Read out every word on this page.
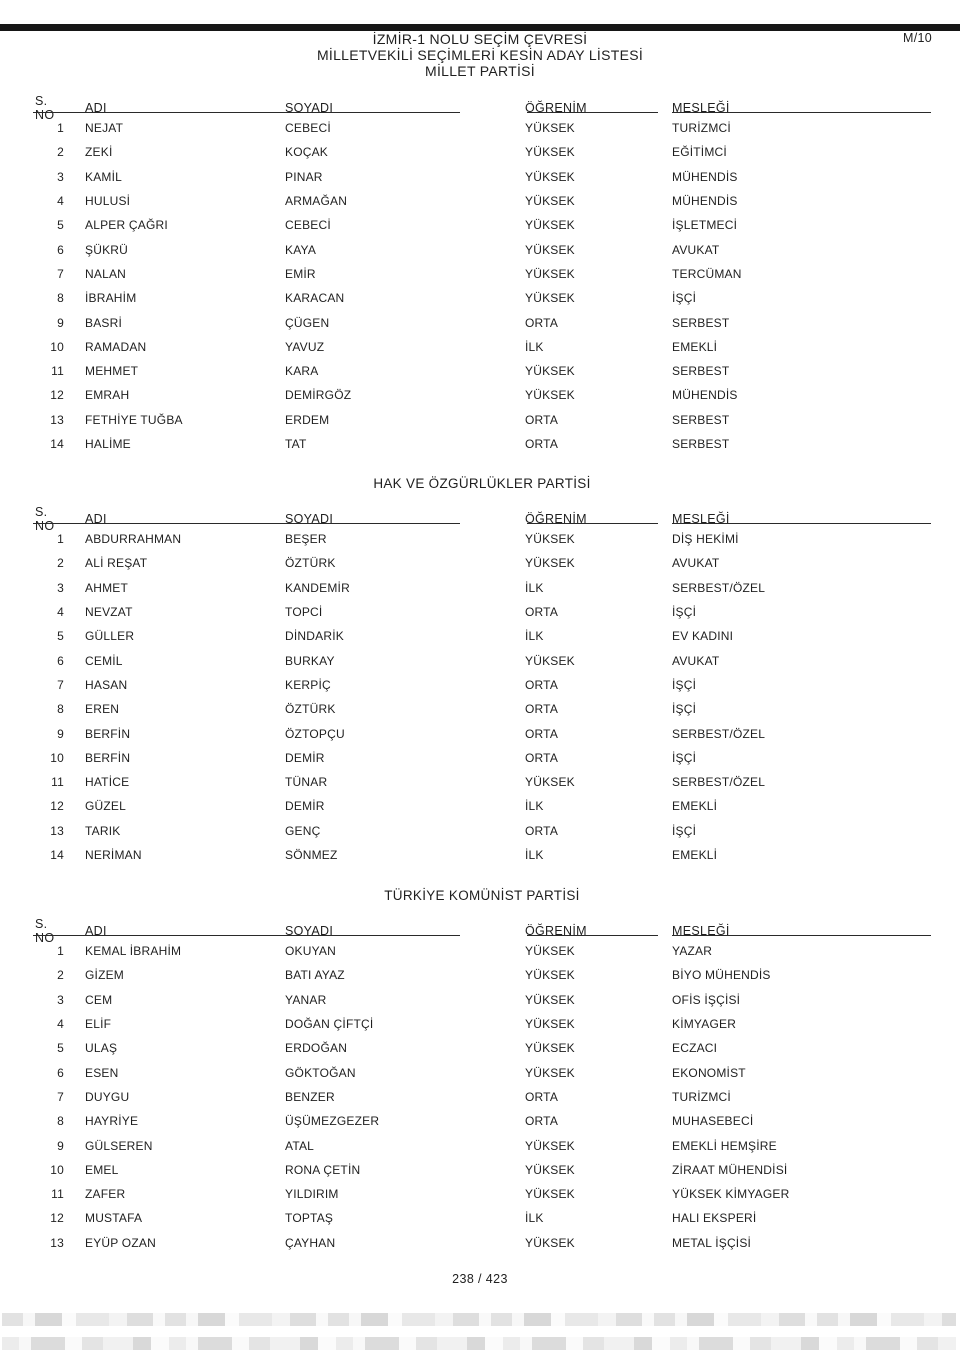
İZMİR-1 NOLU SEÇİM ÇEVRESİ
MİLLETVEKİLİ SEÇİMLERİ KESİN ADAY LİSTESİ
MİLLET PARTİSİ
M/10
S. NO	ADI	SOYADI	ÖĞRENİM	MESLEĞİ
1	NEJAT	CEBECİ	YÜKSEK	TURİZMCİ
2	ZEKİ	KOÇAK	YÜKSEK	EĞİTİMCİ
3	KAMİL	PINAR	YÜKSEK	MÜHENDİS
4	HULUSİ	ARMAĞAN	YÜKSEK	MÜHENDİS
5	ALPER ÇAĞRI	CEBECİ	YÜKSEK	İŞLETMECİ
6	ŞÜKRÜ	KAYA	YÜKSEK	AVUKAT
7	NALAN	EMİR	YÜKSEK	TERCÜMAN
8	İBRAHİM	KARACAN	YÜKSEK	İŞÇİ
9	BASRİ	ÇÜGEN	ORTA	SERBEST
10	RAMADAN	YAVUZ	İLK	EMEKLİ
11	MEHMET	KARA	YÜKSEK	SERBEST
12	EMRAH	DEMİRGÖZ	YÜKSEK	MÜHENDİS
13	FETHİYE TUĞBA	ERDEM	ORTA	SERBEST
14	HALİME	TAT	ORTA	SERBEST
HAK VE ÖZGÜRLÜKLER PARTİSİ
S. NO	ADI	SOYADI	ÖĞRENİM	MESLEĞİ
1	ABDURRAHMAN	BEŞER	YÜKSEK	DİŞ HEKİMİ
2	ALİ REŞAT	ÖZTÜRK	YÜKSEK	AVUKAT
3	AHMET	KANDEMİR	İLK	SERBEST/ÖZEL
4	NEVZAT	TOPCİ	ORTA	İŞÇİ
5	GÜLLER	DİNDARİK	İLK	EV KADINI
6	CEMİL	BURKAY	YÜKSEK	AVUKAT
7	HASAN	KERPİÇ	ORTA	İŞÇİ
8	EREN	ÖZTÜRK	ORTA	İŞÇİ
9	BERFİN	ÖZTOPÇU	ORTA	SERBEST/ÖZEL
10	BERFİN	DEMİR	ORTA	İŞÇİ
11	HATİCE	TÜNAR	YÜKSEK	SERBEST/ÖZEL
12	GÜZEL	DEMİR	İLK	EMEKLİ
13	TARIK	GENÇ	ORTA	İŞÇİ
14	NERİMAN	SÖNMEZ	İLK	EMEKLİ
TÜRKİYE KOMÜNİST PARTİSİ
S. NO	ADI	SOYADI	ÖĞRENİM	MESLEĞİ
1	KEMAL İBRAHİM	OKUYAN	YÜKSEK	YAZAR
2	GİZEM	BATI AYAZ	YÜKSEK	BİYO MÜHENDİS
3	CEM	YANAR	YÜKSEK	OFİS İŞÇİSİ
4	ELİF	DOĞAN ÇİFTÇİ	YÜKSEK	KİMYAGER
5	ULAŞ	ERDOĞAN	YÜKSEK	ECZACI
6	ESEN	GÖKTOĞAN	YÜKSEK	EKONOMİST
7	DUYGU	BENZER	ORTA	TURİZMCİ
8	HAYRİYE	ÜŞÜMEZGEZER	ORTA	MUHASEBECİ
9	GÜLSEREN	ATAL	YÜKSEK	EMEKLİ HEMŞİRE
10	EMEL	RONA ÇETİN	YÜKSEK	ZİRAAT MÜHENDİSİ
11	ZAFER	YILDIRIM	YÜKSEK	YÜKSEK KİMYAGER
12	MUSTAFA	TOPTAŞ	İLK	HALI EKSPERİ
13	EYÜP OZAN	ÇAYHAN	YÜKSEK	METAL İŞÇİSİ
238 / 423
